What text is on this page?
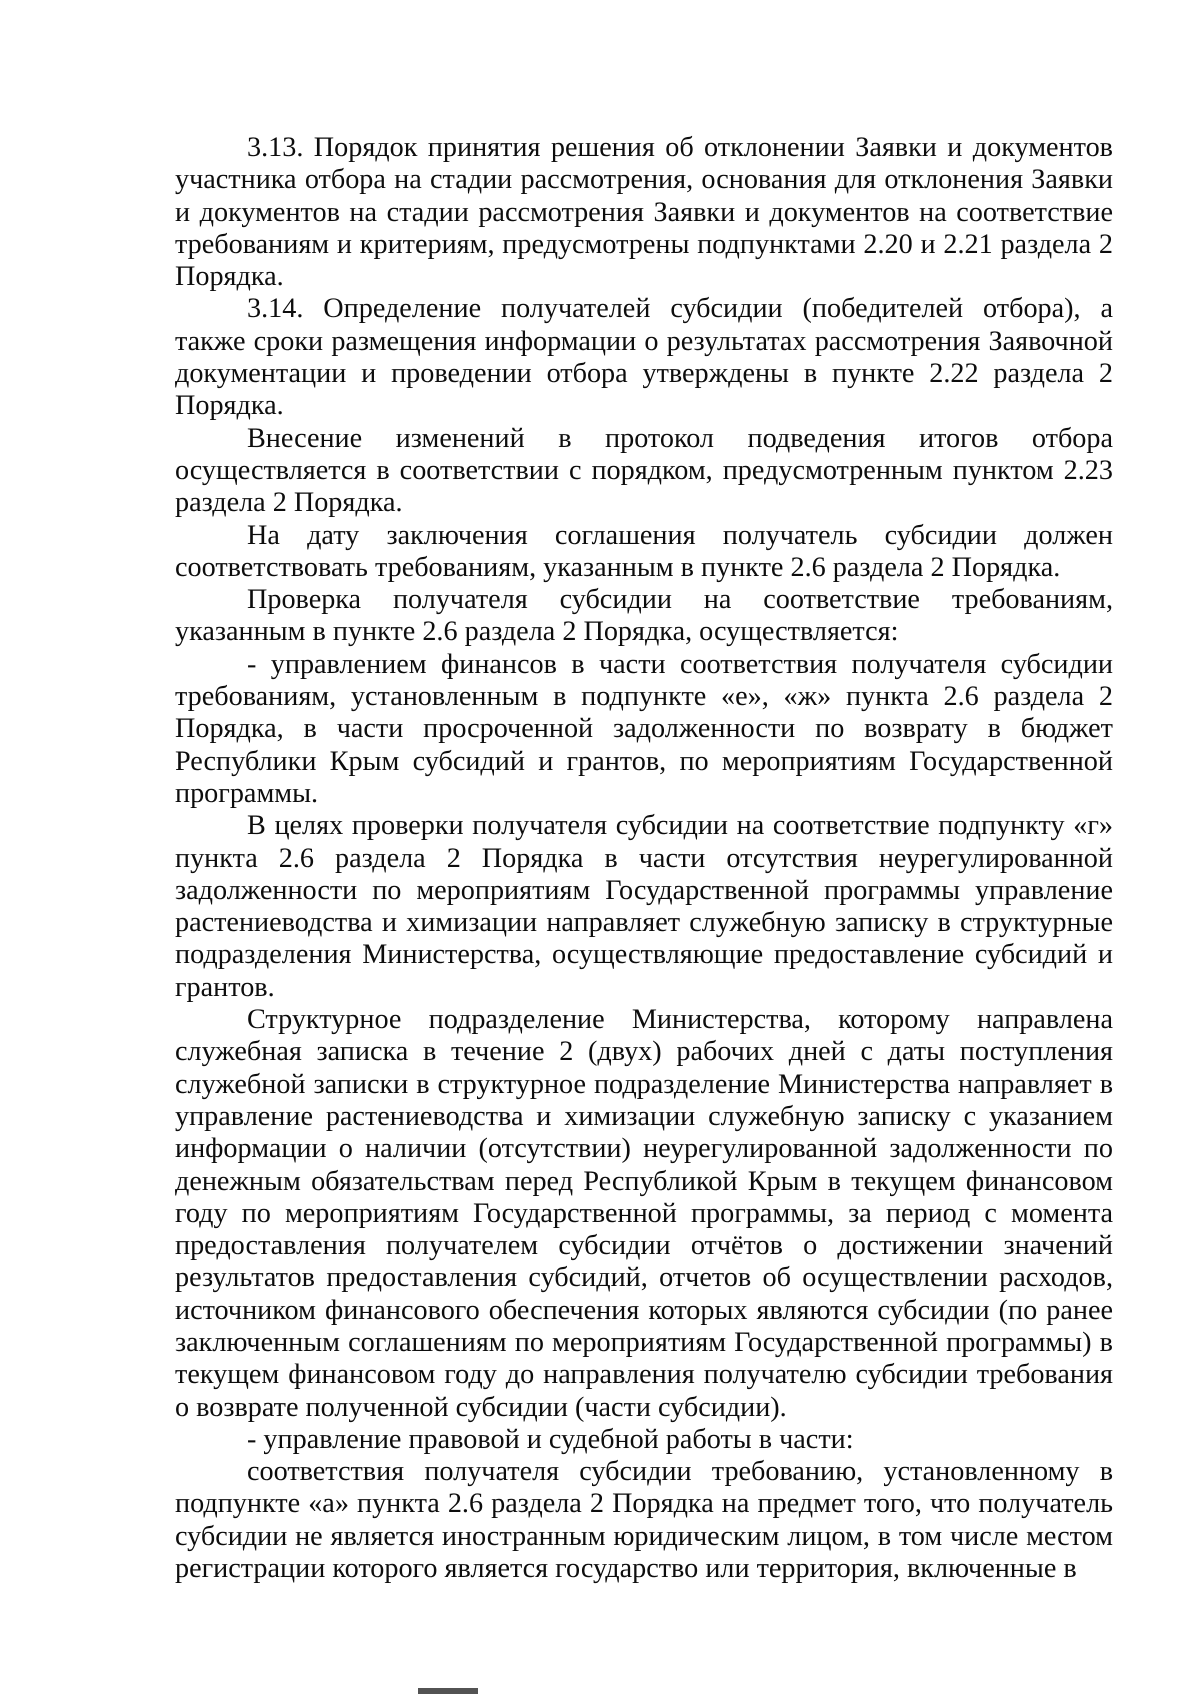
3.13. Порядок принятия решения об отклонении Заявки и документов участника отбора на стадии рассмотрения, основания для отклонения Заявки и документов на стадии рассмотрения Заявки и документов на соответствие требованиям и критериям, предусмотрены подпунктами 2.20 и 2.21 раздела 2 Порядка.

3.14. Определение получателей субсидии (победителей отбора), а также сроки размещения информации о результатах рассмотрения Заявочной документации и проведении отбора утверждены в пункте 2.22 раздела 2 Порядка.

Внесение изменений в протокол подведения итогов отбора осуществляется в соответствии с порядком, предусмотренным пунктом 2.23 раздела 2 Порядка.

На дату заключения соглашения получатель субсидии должен соответствовать требованиям, указанным в пункте 2.6 раздела 2 Порядка.

Проверка получателя субсидии на соответствие требованиям, указанным в пункте 2.6 раздела 2 Порядка, осуществляется:

- управлением финансов в части соответствия получателя субсидии требованиям, установленным в подпункте «е», «ж» пункта 2.6 раздела 2 Порядка, в части просроченной задолженности по возврату в бюджет Республики Крым субсидий и грантов, по мероприятиям Государственной программы.

В целях проверки получателя субсидии на соответствие подпункту «г» пункта 2.6 раздела 2 Порядка в части отсутствия неурегулированной задолженности по мероприятиям Государственной программы управление растениеводства и химизации направляет служебную записку в структурные подразделения Министерства, осуществляющие предоставление субсидий и грантов.

Структурное подразделение Министерства, которому направлена служебная записка в течение 2 (двух) рабочих дней с даты поступления служебной записки в структурное подразделение Министерства направляет в управление растениеводства и химизации служебную записку с указанием информации о наличии (отсутствии) неурегулированной задолженности по денежным обязательствам перед Республикой Крым в текущем финансовом году по мероприятиям Государственной программы, за период с момента предоставления получателем субсидии отчётов о достижении значений результатов предоставления субсидий, отчетов об осуществлении расходов, источником финансового обеспечения которых являются субсидии (по ранее заключенным соглашениям по мероприятиям Государственной программы) в текущем финансовом году до направления получателю субсидии требования о возврате полученной субсидии (части субсидии).

- управление правовой и судебной работы в части:

соответствия получателя субсидии требованию, установленному в подпункте «а» пункта 2.6 раздела 2 Порядка на предмет того, что получатель субсидии не является иностранным юридическим лицом, в том числе местом регистрации которого является государство или территория, включенные в
